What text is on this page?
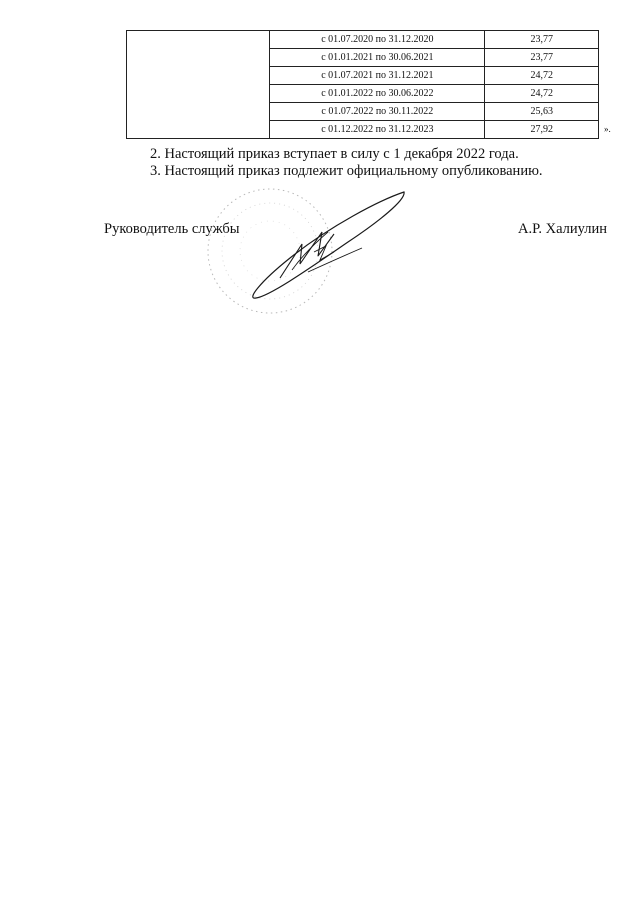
	с 01.07.2020 по 31.12.2020	23,77
	с 01.01.2021 по 30.06.2021	23,77
	с 01.07.2021 по 31.12.2021	24,72
	с 01.01.2022 по 30.06.2022	24,72
	с 01.07.2022 по 30.11.2022	25,63
	с 01.12.2022 по 31.12.2023	27,92	».
2. Настоящий приказ вступает в силу с 1 декабря 2022 года.
3. Настоящий приказ подлежит официальному опубликованию.
Руководитель службы	А.Р. Халиулин
